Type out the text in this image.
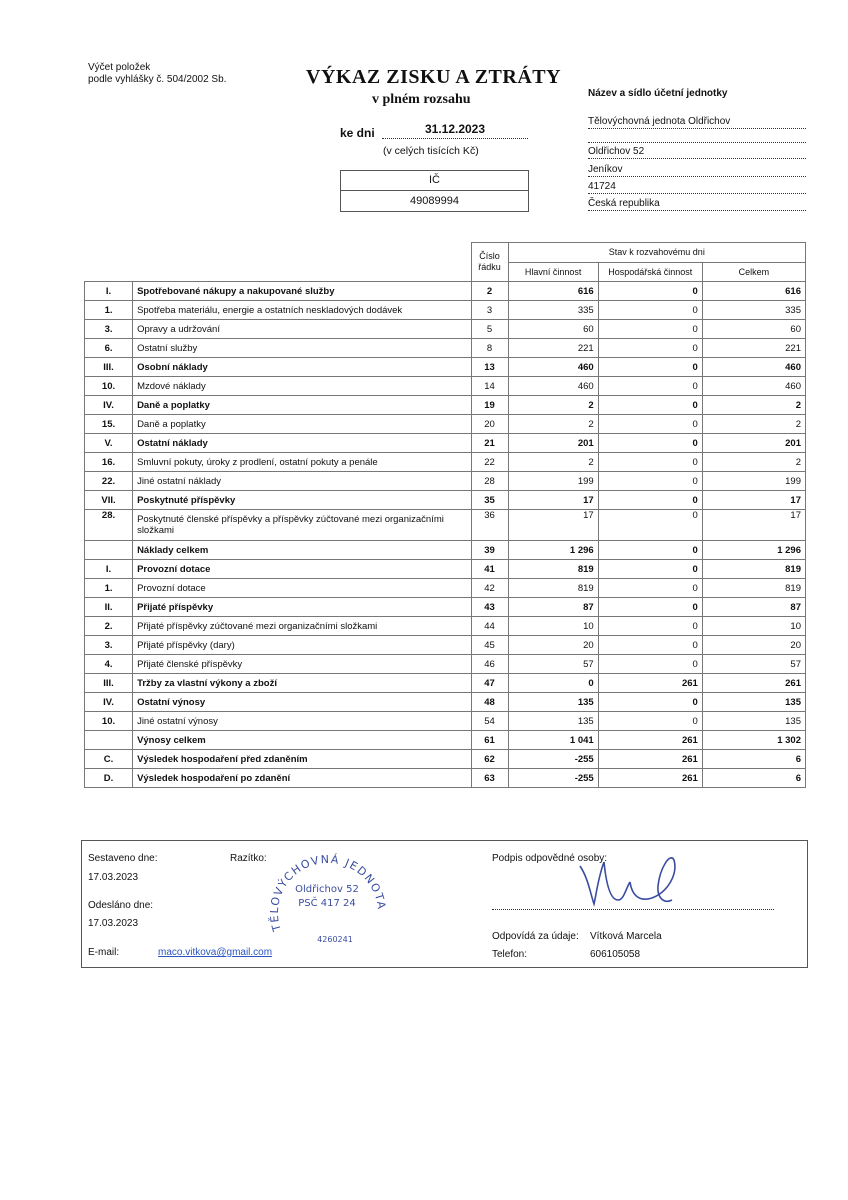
Výčet položek
podle vyhlášky č. 504/2002 Sb.	VÝKAZ ZISKU A ZTRÁTY
v plném rozsahu
ke dni	31.12.2023
(v celých tisících Kč)
IČ
49089994
Název a sídlo účetní jednotky
Tělovýchovná jednota Oldřichov
Oldřichov 52
Jeníkov
41724
Česká republika
		Číslo řádku	Stav k rozvahovému dni		
			Hlavní činnost	Hospodářská činnost	Celkem
I.	Spotřebované nákupy a nakupované služby	2	616	0	616
1.	Spotřeba materiálu, energie a ostatních neskladových dodávek	3	335	0	335
3.	Opravy a udržování	5	60	0	60
6.	Ostatní služby	8	221	0	221
III.	Osobní náklady	13	460	0	460
10.	Mzdové náklady	14	460	0	460
IV.	Daně a poplatky	19	2	0	2
15.	Daně a poplatky	20	2	0	2
V.	Ostatní náklady	21	201	0	201
16.	Smluvní pokuty, úroky z prodlení, ostatní pokuty a penále	22	2	0	2
22.	Jiné ostatní náklady	28	199	0	199
VII.	Poskytnuté příspěvky	35	17	0	17
28.	Poskytnuté členské příspěvky a příspěvky zúčtované mezi organizačními složkami	36	17	0	17
	Náklady celkem	39	1 296	0	1 296
I.	Provozní dotace	41	819	0	819
1.	Provozní dotace	42	819	0	819
II.	Přijaté příspěvky	43	87	0	87
2.	Přijaté příspěvky zúčtované mezi organizačními složkami	44	10	0	10
3.	Přijaté příspěvky (dary)	45	20	0	20
4.	Přijaté členské příspěvky	46	57	0	57
III.	Tržby za vlastní výkony a zboží	47	0	261	261
IV.	Ostatní výnosy	48	135	0	135
10.	Jiné ostatní výnosy	54	135	0	135
	Výnosy celkem	61	1 041	261	1 302
C.	Výsledek hospodaření před zdaněním	62	-255	261	6
D.	Výsledek hospodaření po zdanění	63	-255	261	6
Sestaveno dne:
17.03.2023
Odesláno dne:
17.03.2023
E-mail:	maco.vitkova@gmail.com
Razítko:	Podpis odpovědné osoby:
Odpovídá za údaje: Vítková Marcela
Telefon:	606105058
TĚLOVÝCHOVNÁ JEDNOTA
Oldřichov 52
PSČ 417 24
4260241
